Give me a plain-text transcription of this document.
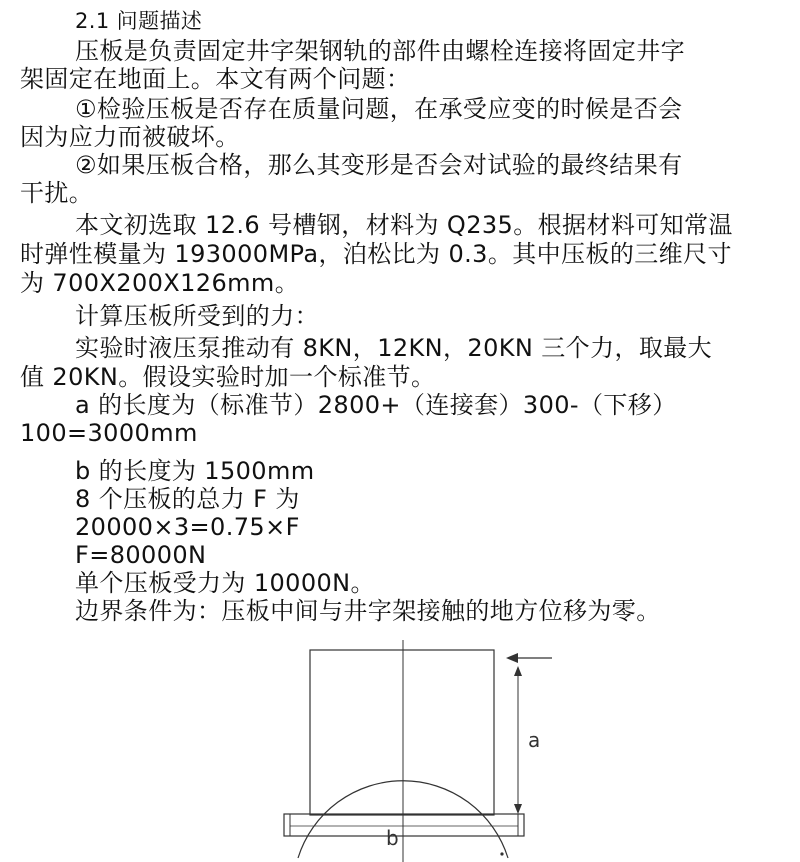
2.1 问题描述
压板是负责固定井字架钢轨的部件由螺栓连接将固定井字
架固定在地面上。本文有两个问题：
①检验压板是否存在质量问题，在承受应变的时候是否会
因为应力而被破坏。
②如果压板合格，那么其变形是否会对试验的最终结果有
干扰。
本文初选取 12.6 号槽钢，材料为 Q235。根据材料可知常温
时弹性模量为 193000MPa，泊松比为 0.3。其中压板的三维尺寸
为 700X200X126mm。
计算压板所受到的力：
实验时液压泵推动有 8KN，12KN，20KN 三个力，取最大
值 20KN。假设实验时加一个标准节。
a 的长度为（标准节）2800+（连接套）300-（下移）
100=3000mm
b 的长度为 1500mm
8 个压板的总力 F 为
20000×3=0.75×F
F=80000N
单个压板受力为 10000N。
边界条件为：压板中间与井字架接触的地方位移为零。
a
b
